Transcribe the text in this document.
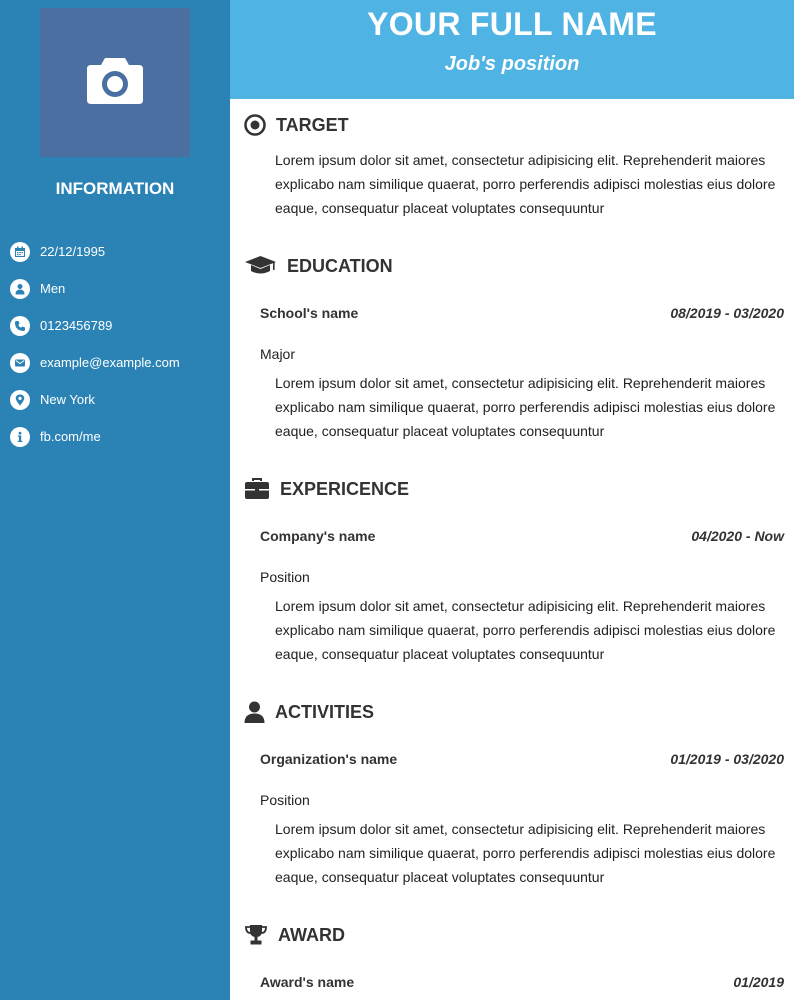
INFORMATION
22/12/1995
Men
0123456789
example@example.com
New York
fb.com/me
YOUR FULL NAME
Job's position
TARGET
Lorem ipsum dolor sit amet, consectetur adipisicing elit. Reprehenderit maiores explicabo nam similique quaerat, porro perferendis adipisci molestias eius dolore eaque, consequatur placeat voluptates consequuntur
EDUCATION
School's name	08/2019 - 03/2020
Major
Lorem ipsum dolor sit amet, consectetur adipisicing elit. Reprehenderit maiores explicabo nam similique quaerat, porro perferendis adipisci molestias eius dolore eaque, consequatur placeat voluptates consequuntur
EXPERICENCE
Company's name	04/2020 - Now
Position
Lorem ipsum dolor sit amet, consectetur adipisicing elit. Reprehenderit maiores explicabo nam similique quaerat, porro perferendis adipisci molestias eius dolore eaque, consequatur placeat voluptates consequuntur
ACTIVITIES
Organization's name	01/2019 - 03/2020
Position
Lorem ipsum dolor sit amet, consectetur adipisicing elit. Reprehenderit maiores explicabo nam similique quaerat, porro perferendis adipisci molestias eius dolore eaque, consequatur placeat voluptates consequuntur
AWARD
Award's name	01/2019
